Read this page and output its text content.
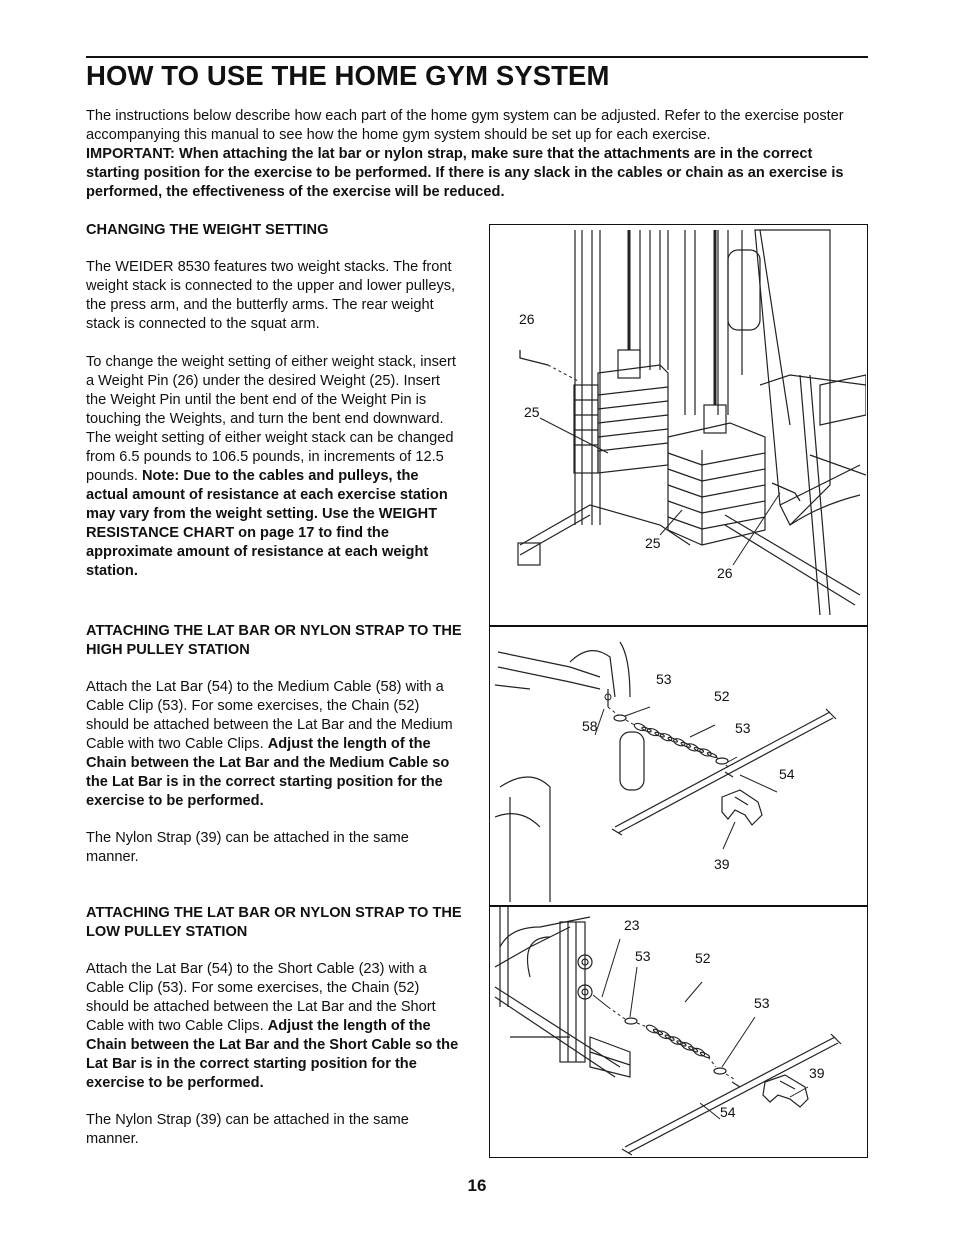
HOW TO USE THE HOME GYM SYSTEM

The instructions below describe how each part of the home gym system can be adjusted. Refer to the exercise poster accompanying this manual to see how the home gym system should be set up for each exercise.
IMPORTANT: When attaching the lat bar or nylon strap, make sure that the attachments are in the correct starting position for the exercise to be performed. If there is any slack in the cables or chain as an exercise is performed, the effectiveness of the exercise will be reduced.

CHANGING THE WEIGHT SETTING

The WEIDER 8530 features two weight stacks. The front weight stack is connected to the upper and lower pulleys, the press arm, and the butterfly arms. The rear weight stack is connected to the squat arm.

To change the weight setting of either weight stack, insert a Weight Pin (26) under the desired Weight (25). Insert the Weight Pin until the bent end of the Weight Pin is touching the Weights, and turn the bent end downward. The weight setting of either weight stack can be changed from 6.5 pounds to 106.5 pounds, in increments of 12.5 pounds. Note: Due to the cables and pulleys, the actual amount of resistance at each exercise station may vary from the weight setting. Use the WEIGHT RESISTANCE CHART on page 17 to find the approximate amount of resistance at each weight station.

ATTACHING THE LAT BAR OR NYLON STRAP TO THE HIGH PULLEY STATION

Attach the Lat Bar (54) to the Medium Cable (58) with a Cable Clip (53). For some exercises, the Chain (52) should be attached between the Lat Bar and the Medium Cable with two Cable Clips. Adjust the length of the Chain between the Lat Bar and the Medium Cable so the Lat Bar is in the correct starting position for the exercise to be performed.

The Nylon Strap (39) can be attached in the same manner.

ATTACHING THE LAT BAR OR NYLON STRAP TO THE LOW PULLEY STATION

Attach the Lat Bar (54) to the Short Cable (23) with a Cable Clip (53). For some exercises, the Chain (52) should be attached between the Lat Bar and the Short Cable with two Cable Clips. Adjust the length of the Chain between the Lat Bar and the Short Cable so the Lat Bar is in the correct starting position for the exercise to be performed.

The Nylon Strap (39) can be attached in the same manner.

26
25
25
26
53
52
58	53
54
39
23
53	52
53
39
54
16
